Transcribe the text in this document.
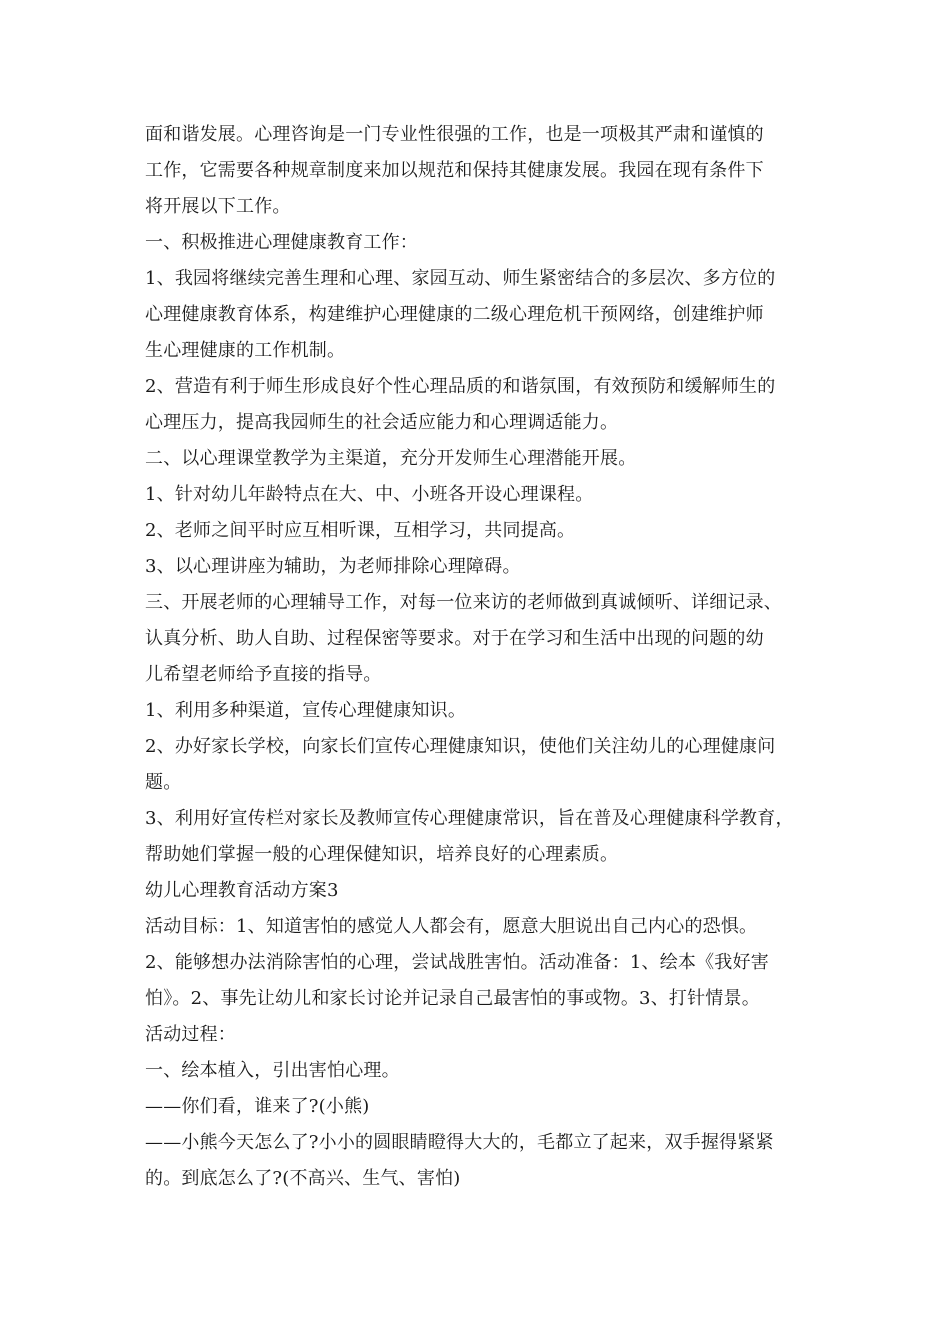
面和谐发展。心理咨询是一门专业性很强的工作，也是一项极其严肃和谨慎的
工作，它需要各种规章制度来加以规范和保持其健康发展。我园在现有条件下
将开展以下工作。
一、积极推进心理健康教育工作：
1、我园将继续完善生理和心理、家园互动、师生紧密结合的多层次、多方位的
心理健康教育体系，构建维护心理健康的二级心理危机干预网络，创建维护师
生心理健康的工作机制。
2、营造有利于师生形成良好个性心理品质的和谐氛围，有效预防和缓解师生的
心理压力，提高我园师生的社会适应能力和心理调适能力。
二、以心理课堂教学为主渠道，充分开发师生心理潜能开展。
1、针对幼儿年龄特点在大、中、小班各开设心理课程。
2、老师之间平时应互相听课，互相学习，共同提高。
3、以心理讲座为辅助，为老师排除心理障碍。
三、开展老师的心理辅导工作，对每一位来访的老师做到真诚倾听、详细记录、
认真分析、助人自助、过程保密等要求。对于在学习和生活中出现的问题的幼
儿希望老师给予直接的指导。
1、利用多种渠道，宣传心理健康知识。
2、办好家长学校，向家长们宣传心理健康知识，使他们关注幼儿的心理健康问
题。
3、利用好宣传栏对家长及教师宣传心理健康常识，旨在普及心理健康科学教育，
帮助她们掌握一般的心理保健知识，培养良好的心理素质。
幼儿心理教育活动方案3
活动目标：1、知道害怕的感觉人人都会有，愿意大胆说出自己内心的恐惧。
2、能够想办法消除害怕的心理，尝试战胜害怕。活动准备：1、绘本《我好害
怕》。2、事先让幼儿和家长讨论并记录自己最害怕的事或物。3、打针情景。
活动过程：
一、绘本植入，引出害怕心理。
——你们看，谁来了?(小熊)
——小熊今天怎么了?小小的圆眼睛瞪得大大的，毛都立了起来，双手握得紧紧
的。到底怎么了?(不高兴、生气、害怕)
